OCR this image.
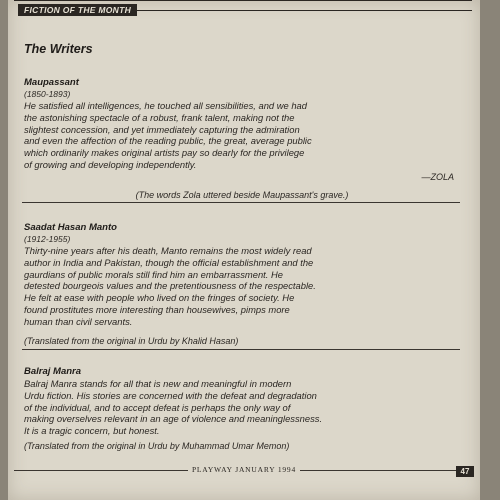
FICTION OF THE MONTH
The Writers
Maupassant
(1850-1893)

He satisfied all intelligences, he touched all sensibilities, and we had
the astonishing spectacle of a robust, frank talent, making not the
slightest concession, and yet immediately capturing the admiration
and even the affection of the reading public, the great, average public
which ordinarily makes original artists pay so dearly for the privilege
of growing and developing independently.

—ZOLA
(The words Zola uttered beside Maupassant's grave.)
Saadat Hasan Manto
(1912-1955)

Thirty-nine years after his death, Manto remains the most widely read
author in India and Pakistan, though the official establishment and the
gaurdians of public morals still find him an embarrassment. He
detested bourgeois values and the pretentiousness of the respectable.
He felt at ease with people who lived on the fringes of society. He
found prostitutes more interesting than housewives, pimps more
human than civil servants.

(Translated from the original in Urdu by Khalid Hasan)
Balraj Manra

Balraj Manra stands for all that is new and meaningful in modern
Urdu fiction. His stories are concerned with the defeat and degradation
of the individual, and to accept defeat is perhaps the only way of
making overselves relevant in an age of violence and meaninglessness.
It is a tragic concern, but honest.

(Translated from the original in Urdu by Muhammad Umar Memon)
PLAYWAY JANUARY 1994	47
